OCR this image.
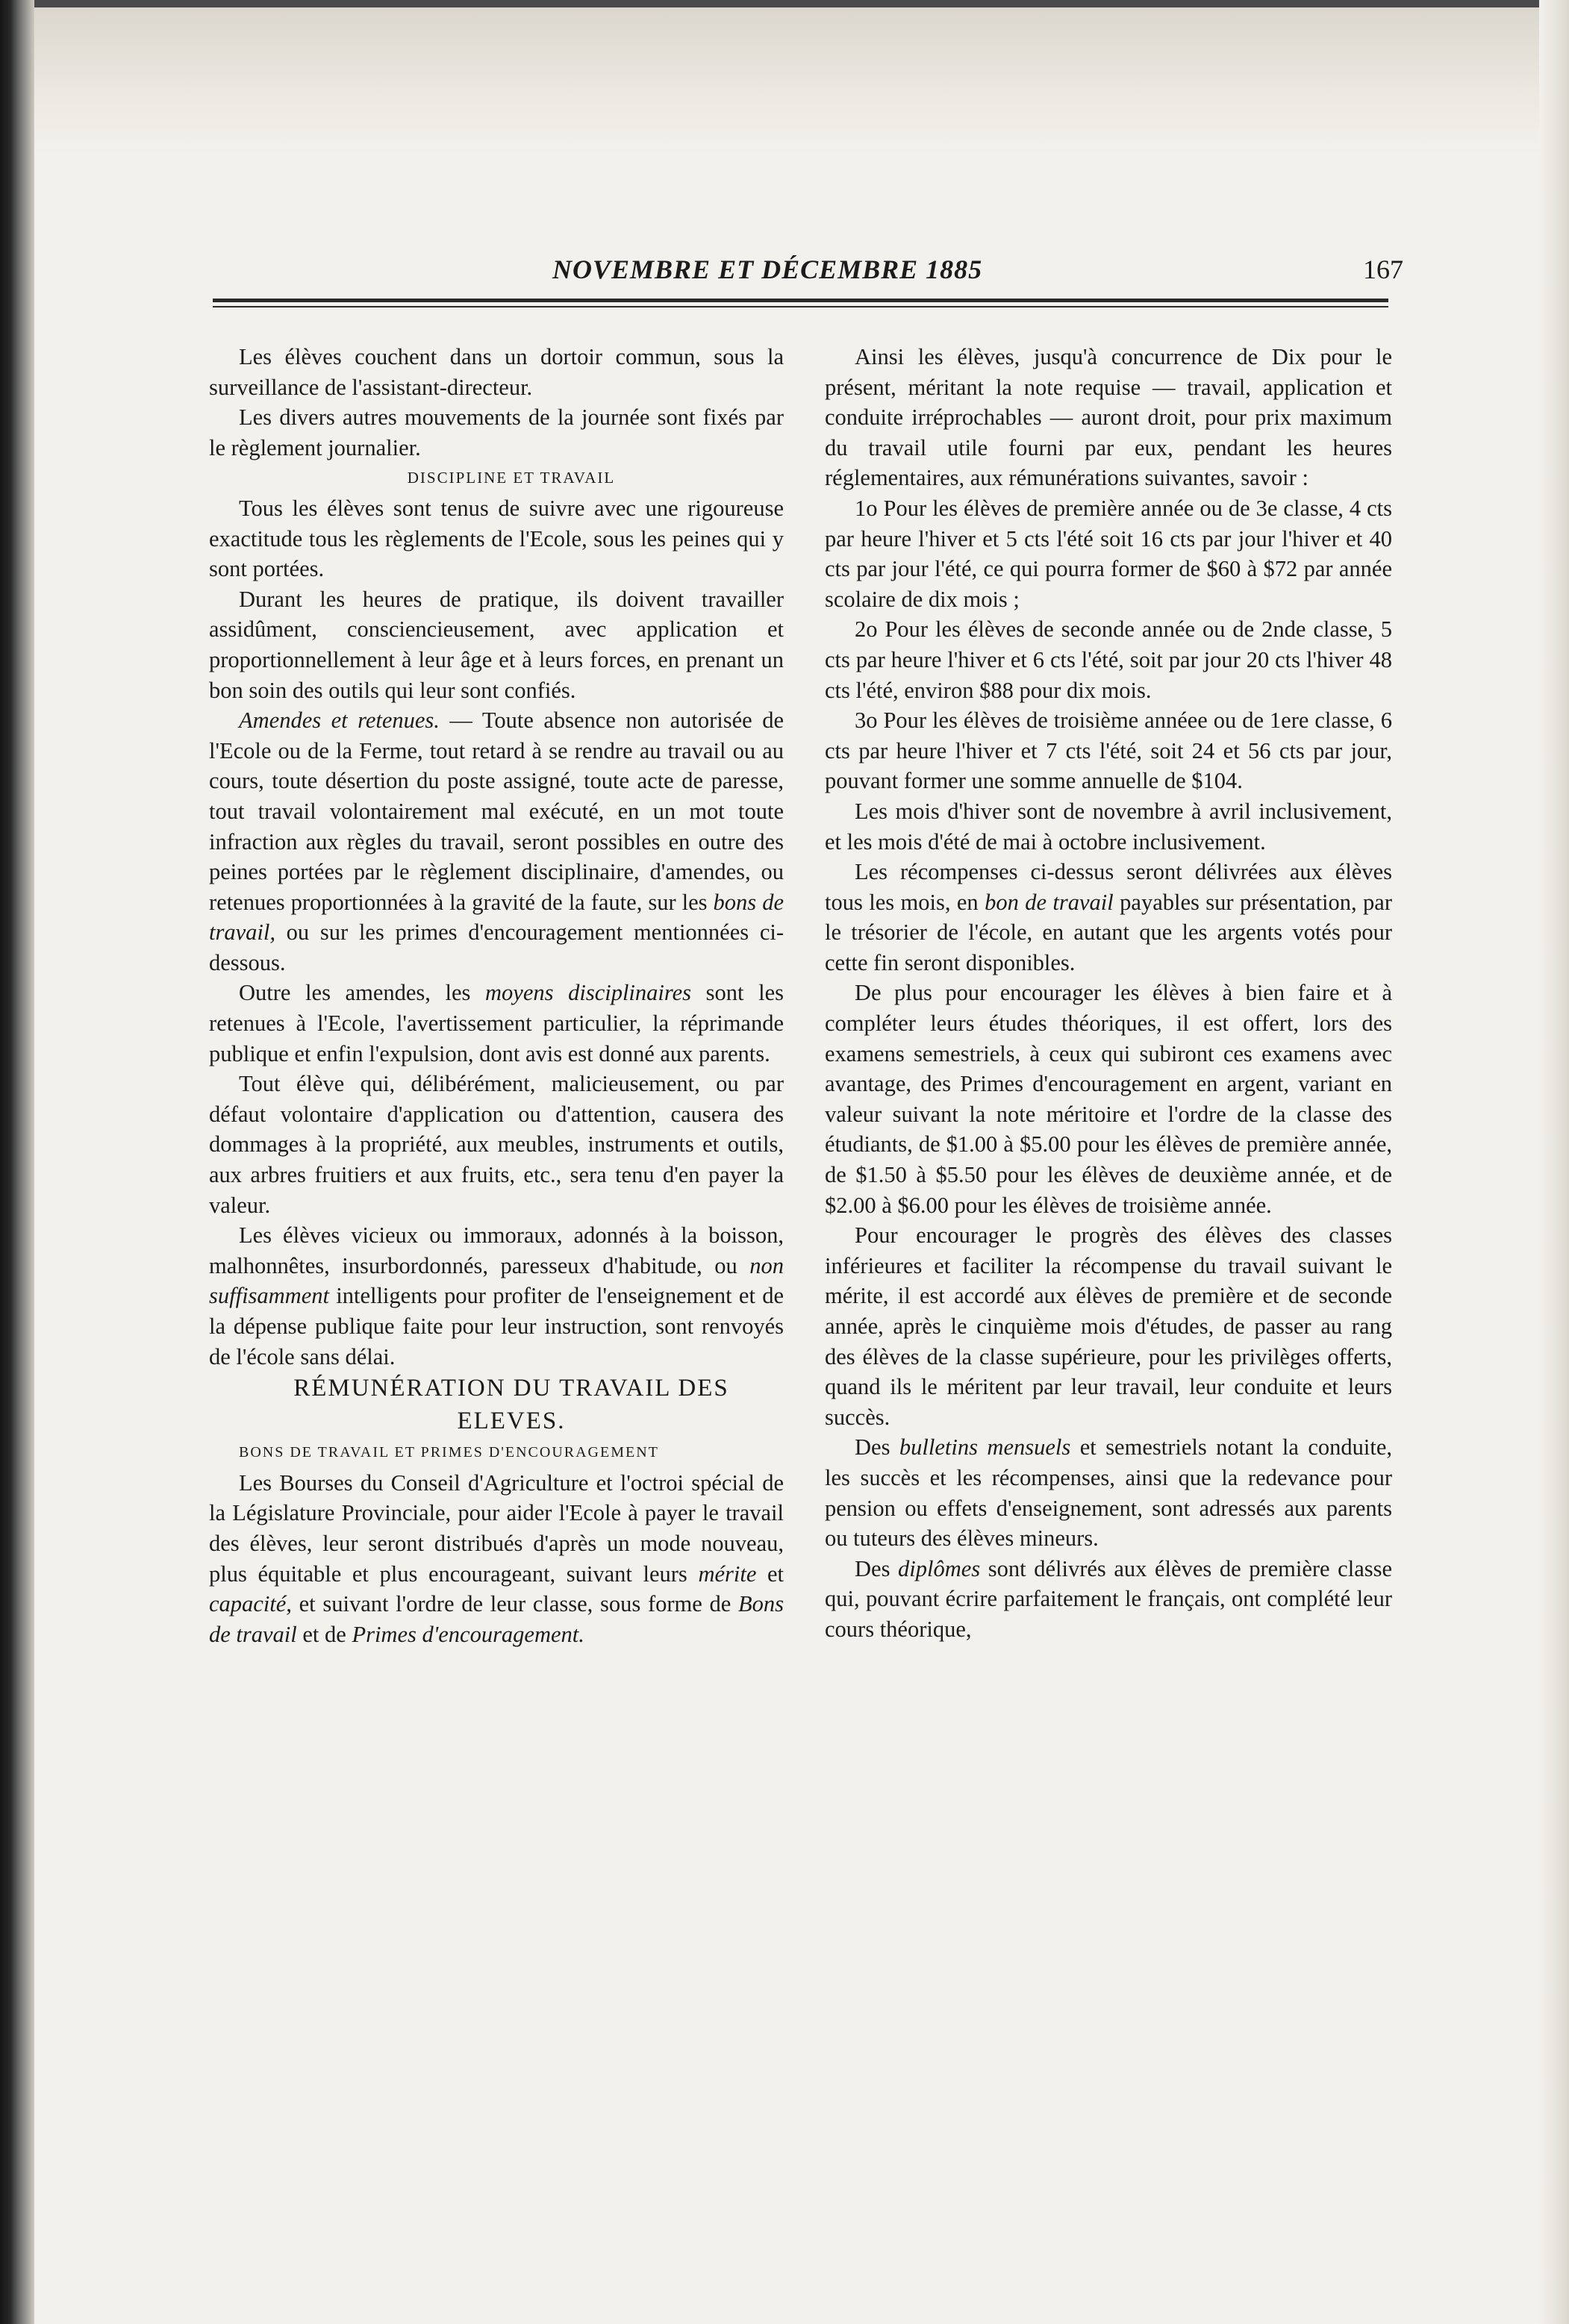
NOVEMBRE ET DÉCEMBRE 1885	167

Les élèves couchent dans un dortoir commun, sous la surveillance de l'assistant-directeur.

Les divers autres mouvements de la journée sont fixés par le règlement journalier.

DISCIPLINE ET TRAVAIL

Tous les élèves sont tenus de suivre avec une rigoureuse exactitude tous les règlements de l'Ecole, sous les peines qui y sont portées.

Durant les heures de pratique, ils doivent travailler assidûment, consciencieusement, avec application et proportionnellement à leur âge et à leurs forces, en prenant un bon soin des outils qui leur sont confiés.

Amendes et retenues. — Toute absence non autorisée de l'Ecole ou de la Ferme, tout retard à se rendre au travail ou au cours, toute désertion du poste assigné, toute acte de paresse, tout travail volontairement mal exécuté, en un mot toute infraction aux règles du travail, seront possibles en outre des peines portées par le règlement disciplinaire, d'amendes, ou retenues proportionnées à la gravité de la faute, sur les bons de travail, ou sur les primes d'encouragement mentionnées ci-dessous.

Outre les amendes, les moyens disciplinaires sont les retenues à l'Ecole, l'avertissement particulier, la réprimande publique et enfin l'expulsion, dont avis est donné aux parents.

Tout élève qui, délibérément, malicieusement, ou par défaut volontaire d'application ou d'attention, causera des dommages à la propriété, aux meubles, instruments et outils, aux arbres fruitiers et aux fruits, etc., sera tenu d'en payer la valeur.

Les élèves vicieux ou immoraux, adonnés à la boisson, malhonnêtes, insurbordonnés, paresseux d'habitude, ou non suffisamment intelligents pour profiter de l'enseignement et de la dépense publique faite pour leur instruction, sont renvoyés de l'école sans délai.

RÉMUNÉRATION DU TRAVAIL DES

ELEVES.

BONS DE TRAVAIL ET PRIMES D'ENCOURAGEMENT

Les Bourses du Conseil d'Agriculture et l'octroi spécial de la Législature Provinciale, pour aider l'Ecole à payer le travail des élèves, leur seront distribués d'après un mode nouveau, plus équitable et plus encourageant, suivant leurs mérite et capacité, et suivant l'ordre de leur classe, sous forme de Bons de travail et de Primes d'encouragement.

Ainsi les élèves, jusqu'à concurrence de Dix pour le présent, méritant la note requise — travail, application et conduite irréprochables — auront droit, pour prix maximum du travail utile fourni par eux, pendant les heures réglementaires, aux rémunérations suivantes, savoir :

1o Pour les élèves de première année ou de 3e classe, 4 cts par heure l'hiver et 5 cts l'été soit 16 cts par jour l'hiver et 40 cts par jour l'été, ce qui pourra former de $60 à $72 par année scolaire de dix mois ;

2o Pour les élèves de seconde année ou de 2nde classe, 5 cts par heure l'hiver et 6 cts l'été, soit par jour 20 cts l'hiver 48 cts l'été, environ $88 pour dix mois.

3o Pour les élèves de troisième annéee ou de 1ere classe, 6 cts par heure l'hiver et 7 cts l'été, soit 24 et 56 cts par jour, pouvant former une somme annuelle de $104.

Les mois d'hiver sont de novembre à avril inclusivement, et les mois d'été de mai à octobre inclusivement.

Les récompenses ci-dessus seront délivrées aux élèves tous les mois, en bon de travail payables sur présentation, par le trésorier de l'école, en autant que les argents votés pour cette fin seront disponibles.

De plus pour encourager les élèves à bien faire et à compléter leurs études théoriques, il est offert, lors des examens semestriels, à ceux qui subiront ces examens avec avantage, des Primes d'encouragement en argent, variant en valeur suivant la note méritoire et l'ordre de la classe des étudiants, de $1.00 à $5.00 pour les élèves de première année, de $1.50 à $5.50 pour les élèves de deuxième année, et de $2.00 à $6.00 pour les élèves de troisième année.

Pour encourager le progrès des élèves des classes inférieures et faciliter la récompense du travail suivant le mérite, il est accordé aux élèves de première et de seconde année, après le cinquième mois d'études, de passer au rang des élèves de la classe supérieure, pour les privilèges offerts, quand ils le méritent par leur travail, leur conduite et leurs succès.

Des bulletins mensuels et semestriels notant la conduite, les succès et les récompenses, ainsi que la redevance pour pension ou effets d'enseignement, sont adressés aux parents ou tuteurs des élèves mineurs.

Des diplômes sont délivrés aux élèves de première classe qui, pouvant écrire parfaitement le français, ont complété leur cours théorique,
